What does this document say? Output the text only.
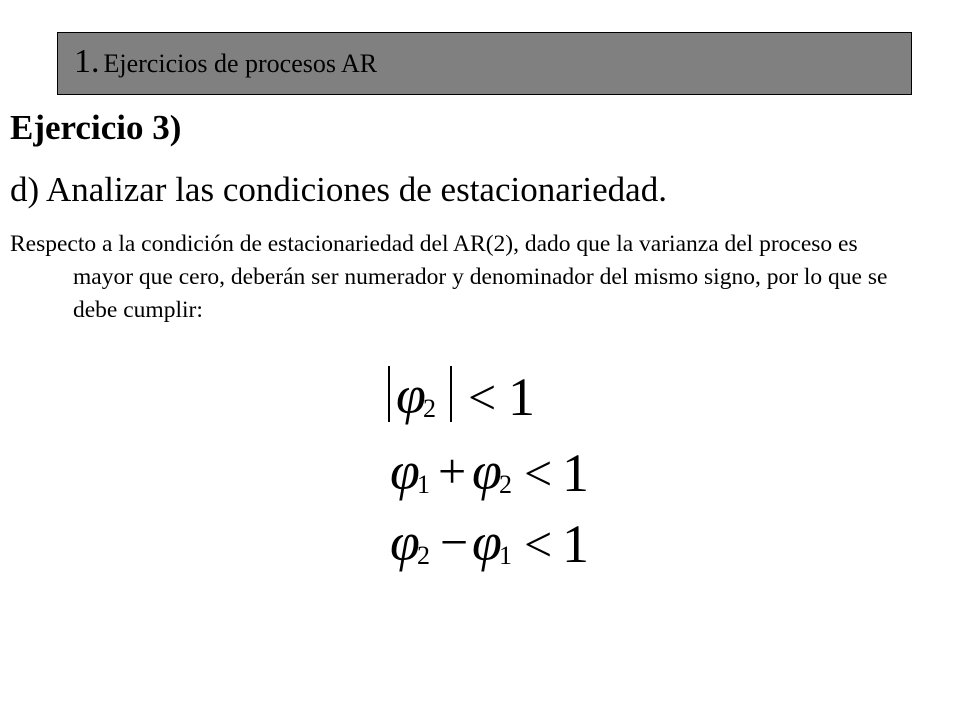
1. Ejercicios de procesos AR
Ejercicio 3)
d) Analizar las condiciones de estacionariedad.

Respecto a la condición de estacionariedad del AR(2), dado que la varianza del proceso es mayor que cero, deberán ser numerador y denominador del mismo signo, por lo que se debe cumplir:

φ
2 < 1
φ
1 + φ
2 < 1
φ
2 − φ
1 < 1
